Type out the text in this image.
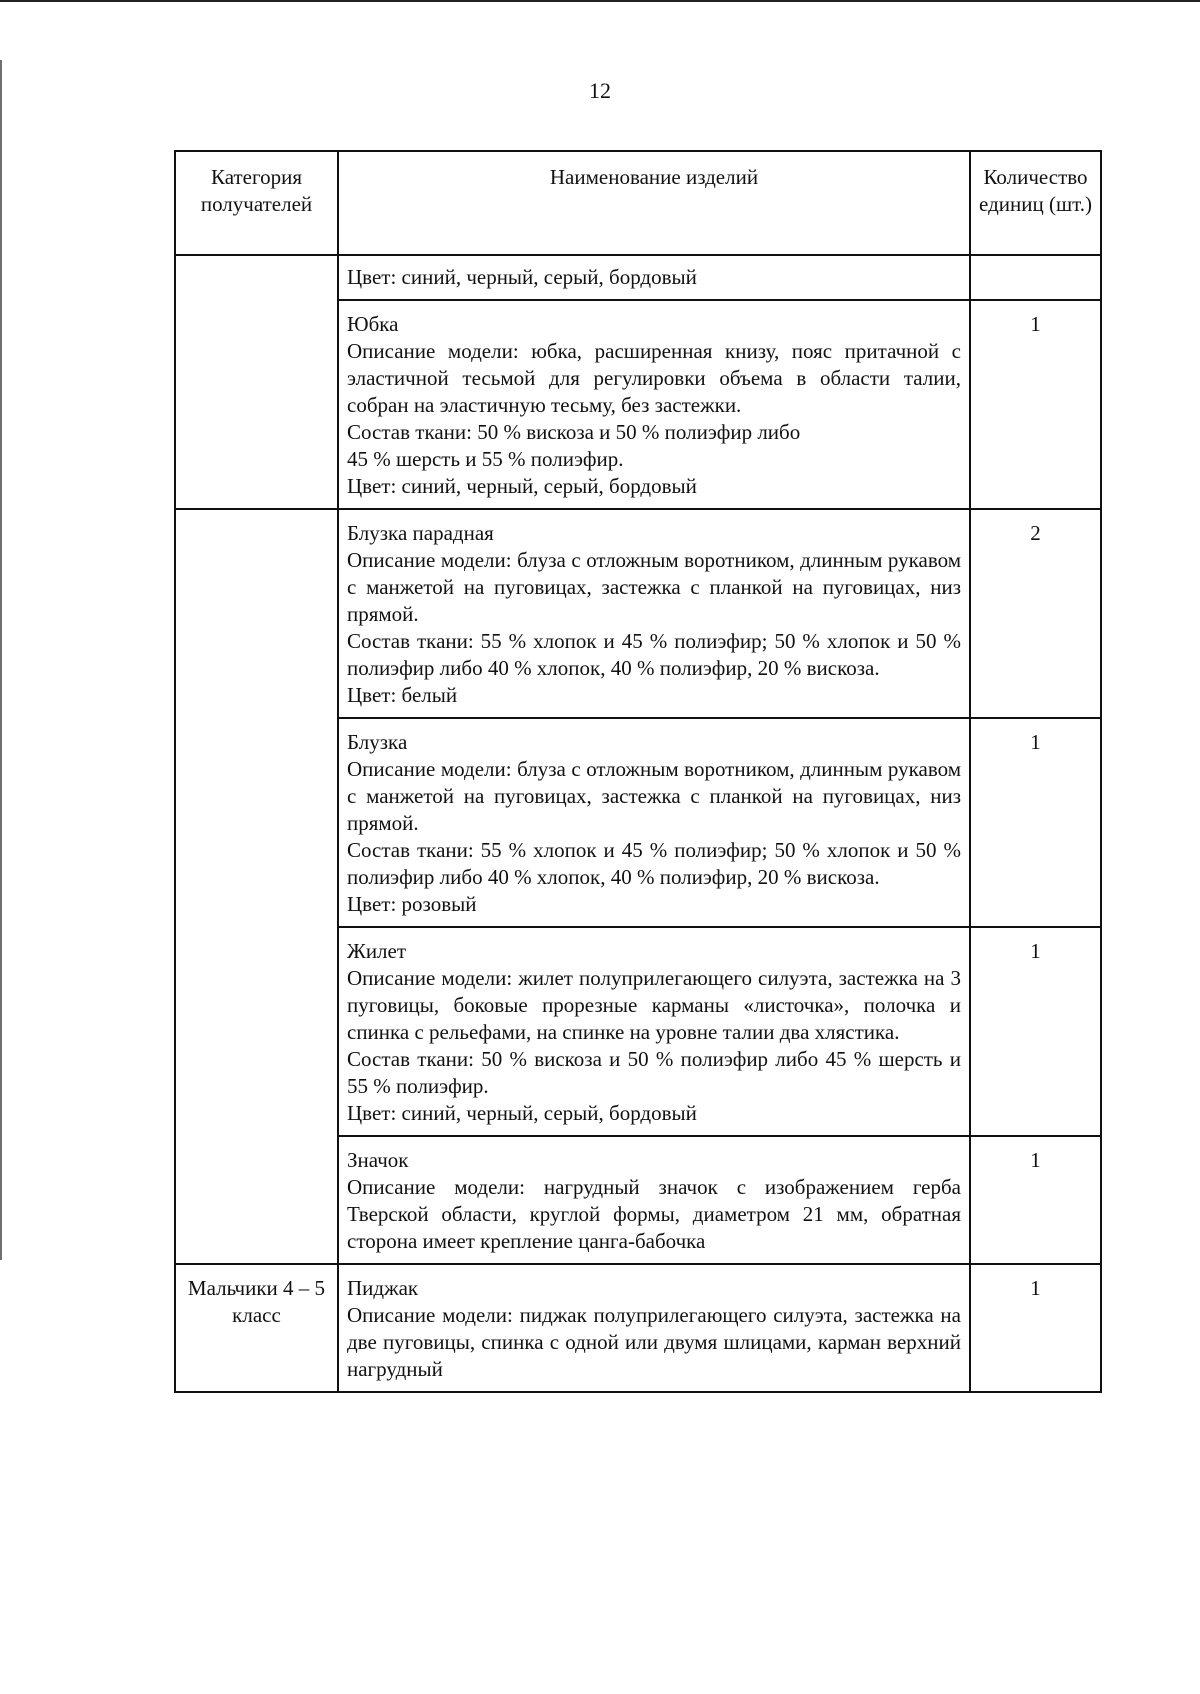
12
Категория получателей	Наименование изделий	Количество единиц (шт.)

	Цвет: синий, черный, серый, бордовый	

	Юбка
Описание модели: юбка, расширенная книзу, пояс притачной с эластичной тесьмой для регулировки объема в области талии, собран на эластичную тесьму, без застежки.
Состав ткани: 50 % вискоза и 50 % полиэфир либо
45 % шерсть и 55 % полиэфир.
Цвет: синий, черный, серый, бордовый	1

	Блузка парадная
Описание модели: блуза с отложным воротником, длинным рукавом с манжетой на пуговицах, застежка с планкой на пуговицах, низ прямой.
Состав ткани: 55 % хлопок и 45 % полиэфир; 50 % хлопок и 50 % полиэфир либо 40 % хлопок, 40 % полиэфир, 20 % вискоза.
Цвет: белый	2

	Блузка
Описание модели: блуза с отложным воротником, длинным рукавом с манжетой на пуговицах, застежка с планкой на пуговицах, низ прямой.
Состав ткани: 55 % хлопок и 45 % полиэфир; 50 % хлопок и 50 % полиэфир либо 40 % хлопок, 40 % полиэфир, 20 % вискоза.
Цвет: розовый	1

	Жилет
Описание модели: жилет полуприлегающего силуэта, застежка на 3 пуговицы, боковые прорезные карманы «листочка», полочка и спинка с рельефами, на спинке на уровне талии два хлястика.
Состав ткани: 50 % вискоза и 50 % полиэфир либо 45 % шерсть и 55 % полиэфир.
Цвет: синий, черный, серый, бордовый	1

	Значок
Описание модели: нагрудный значок с изображением герба Тверской области, круглой формы, диаметром 21 мм, обратная сторона имеет крепление цанга-бабочка	1
Мальчики 4 – 5 класс	Пиджак
Описание модели: пиджак полуприлегающего силуэта, застежка на две пуговицы, спинка с одной или двумя шлицами, карман верхний нагрудный	1
